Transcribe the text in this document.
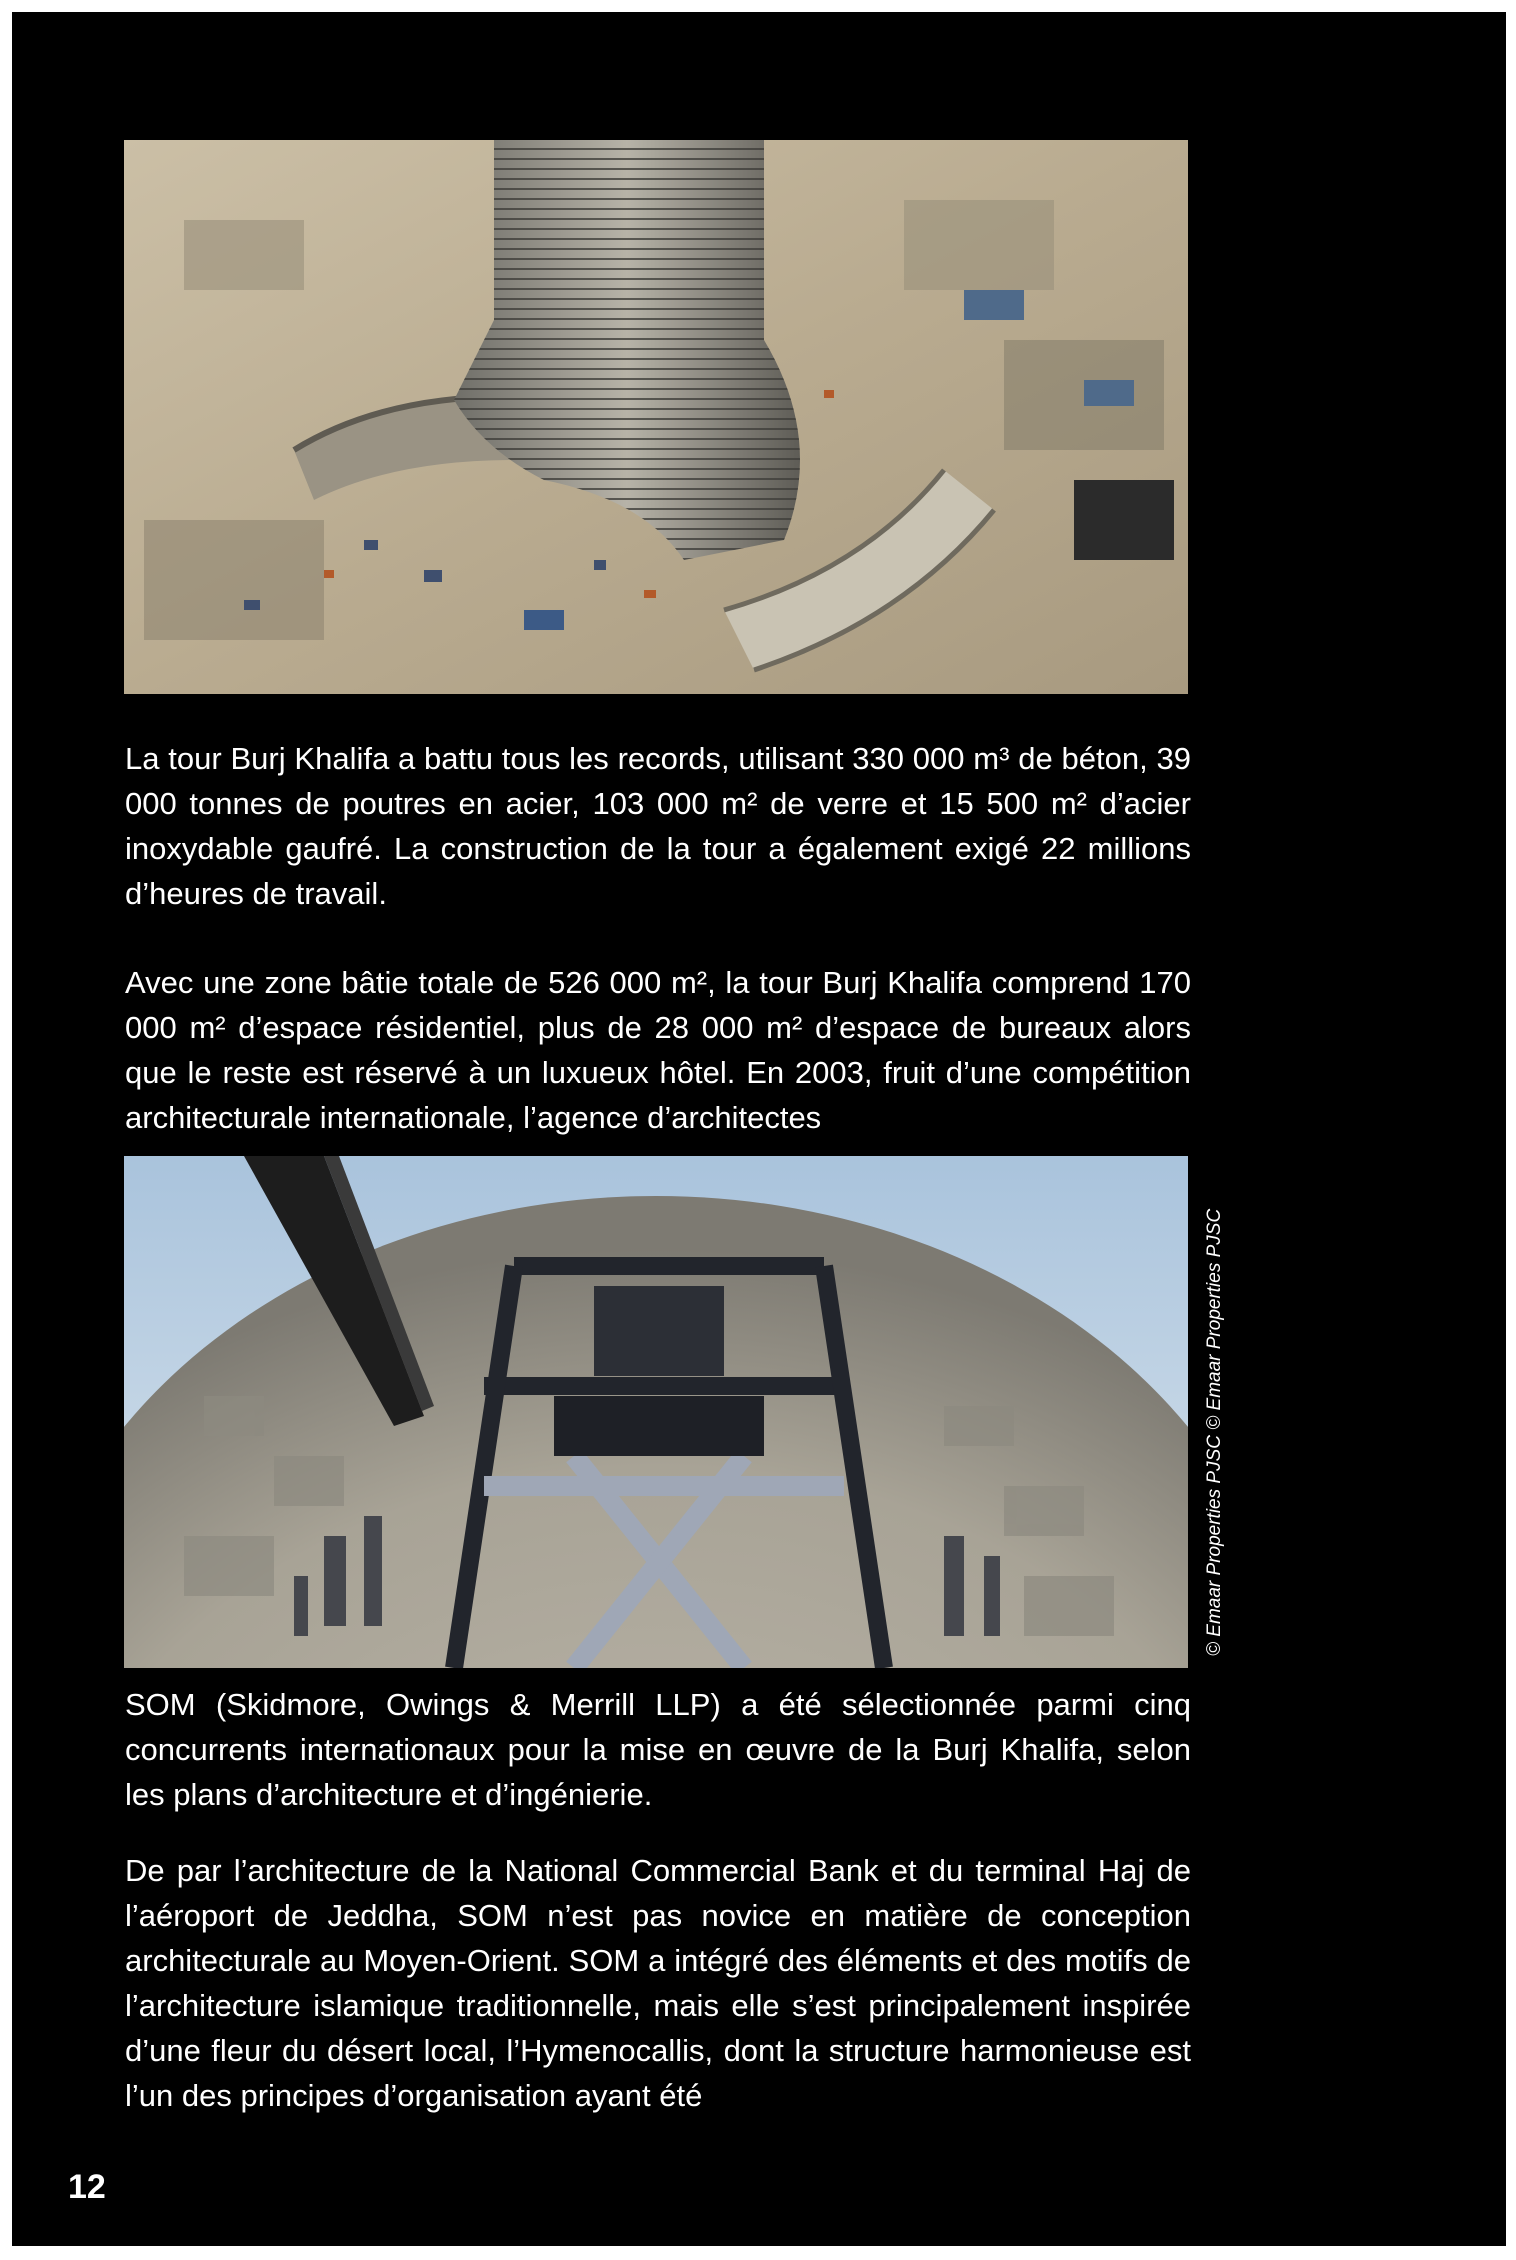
La tour Burj Khalifa a battu tous les records, utilisant 330 000 m³ de béton, 39 000 tonnes de poutres en acier, 103 000 m² de verre et 15 500 m² d’acier inoxydable gaufré. La construction de la tour a également exigé 22 millions d’heures de travail.

Avec une zone bâtie totale de 526 000 m², la tour Burj Khalifa comprend 170 000 m² d’espace résidentiel, plus de 28 000 m² d’espace de bureaux alors que le reste est réservé à un luxueux hôtel. En 2003, fruit d’une compétition architecturale internationale, l’agence d’architectes

© Emaar Properties PJSC © Emaar Properties PJSC

SOM (Skidmore, Owings & Merrill LLP) a été sélectionnée parmi cinq concurrents internationaux pour la mise en œuvre de la Burj Khalifa, selon les plans d’architecture et d’ingénierie.

De par l’architecture de la National Commercial Bank et du terminal Haj de l’aéroport de Jeddha, SOM n’est pas novice en matière de conception architecturale au Moyen-Orient. SOM a intégré des éléments et des motifs de l’architecture islamique traditionnelle, mais elle s’est principalement inspirée d’une fleur du désert local, l’Hymenocallis, dont la structure harmonieuse est l’un des principes d’organisation ayant été

12
